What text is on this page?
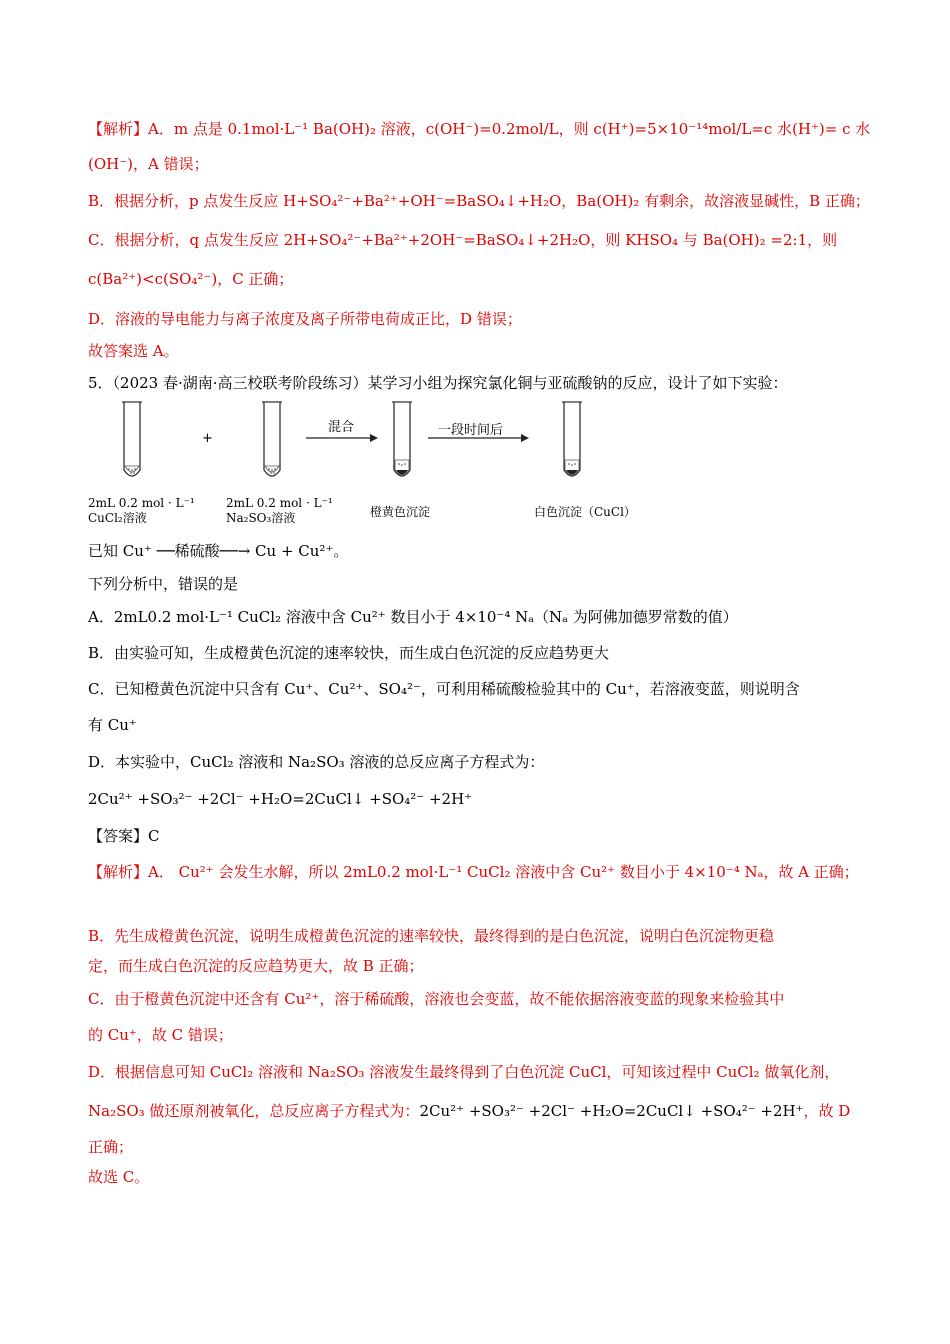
【解析】A．m 点是 0.1mol·L⁻¹ Ba(OH)₂ 溶液，c(OH⁻)=0.2mol/L，则 c(H⁺)=5×10⁻¹⁴mol/L=c 水(H⁺)= c 水
(OH⁻)，A 错误；
B．根据分析，p 点发生反应 H+SO₄²⁻+Ba²⁺+OH⁻=BaSO₄↓+H₂O，Ba(OH)₂ 有剩余，故溶液显碱性，B 正确；
C．根据分析，q 点发生反应 2H+SO₄²⁻+Ba²⁺+2OH⁻=BaSO₄↓+2H₂O，则 KHSO₄ 与 Ba(OH)₂ =2:1，则
c(Ba²⁺)<c(SO₄²⁻)，C 正确；
D．溶液的导电能力与离子浓度及离子所带电荷成正比，D 错误；
故答案选 A。
5．（2023 春·湖南·高三校联考阶段练习）某学习小组为探究氯化铜与亚硫酸钠的反应，设计了如下实验：
+
混合	一段时间后
2mL 0.2 mol · L⁻¹
CuCl₂溶液
2mL 0.2 mol · L⁻¹
Na₂SO₃溶液	橙黄色沉淀	白色沉淀（CuCl）
已知 Cu⁺ ──稀硫酸──→ Cu + Cu²⁺。
下列分析中，错误的是
A．2mL0.2 mol·L⁻¹ CuCl₂ 溶液中含 Cu²⁺ 数目小于 4×10⁻⁴ Nₐ（Nₐ 为阿佛加德罗常数的值）
B．由实验可知，生成橙黄色沉淀的速率较快，而生成白色沉淀的反应趋势更大
C．已知橙黄色沉淀中只含有 Cu⁺、Cu²⁺、SO₄²⁻，可利用稀硫酸检验其中的 Cu⁺，若溶液变蓝，则说明含
有 Cu⁺
D．本实验中，CuCl₂ 溶液和 Na₂SO₃ 溶液的总反应离子方程式为：
2Cu²⁺ +SO₃²⁻ +2Cl⁻ +H₂O=2CuCl↓ +SO₄²⁻ +2H⁺
【答案】C
【解析】A． Cu²⁺ 会发生水解，所以 2mL0.2 mol·L⁻¹ CuCl₂ 溶液中含 Cu²⁺ 数目小于 4×10⁻⁴ Nₐ，故 A 正确；
B．先生成橙黄色沉淀，说明生成橙黄色沉淀的速率较快，最终得到的是白色沉淀，说明白色沉淀物更稳
定，而生成白色沉淀的反应趋势更大，故 B 正确；
C．由于橙黄色沉淀中还含有 Cu²⁺，溶于稀硫酸，溶液也会变蓝，故不能依据溶液变蓝的现象来检验其中
的 Cu⁺，故 C 错误；
D．根据信息可知 CuCl₂ 溶液和 Na₂SO₃ 溶液发生最终得到了白色沉淀 CuCl，可知该过程中 CuCl₂ 做氧化剂，
Na₂SO₃ 做还原剂被氧化，总反应离子方程式为：2Cu²⁺ +SO₃²⁻ +2Cl⁻ +H₂O=2CuCl↓ +SO₄²⁻ +2H⁺，故 D
正确；
故选 C。
